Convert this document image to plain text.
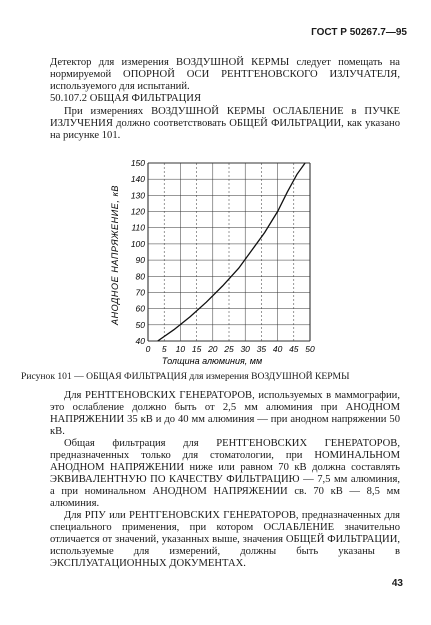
ГОСТ Р 50267.7—95

Детектор для измерения ВОЗДУШНОЙ КЕРМЫ следует помещать на нормируемой ОПОРНОЙ ОСИ РЕНТГЕНОВСКОГО ИЗЛУЧАТЕЛЯ, используемого для испытаний.

50.107.2 ОБЩАЯ ФИЛЬТРАЦИЯ

При измерениях ВОЗДУШНОЙ КЕРМЫ ОСЛАБЛЕНИЕ в ПУЧКЕ ИЗЛУЧЕНИЯ должно соответствовать ОБЩЕЙ ФИЛЬТРАЦИИ, как указано на рисунке 101.

40
50
60
70
80
90
100
110
120
130
140
150
0 5 10 15 20 25 30 35 40 45 50
АНОДНОЕ НАПРЯЖЕНИЕ, кВ
Толщина алюминия, мм
Рисунок 101 — ОБЩАЯ ФИЛЬТРАЦИЯ для измерения ВОЗДУШНОЙ КЕРМЫ

Для РЕНТГЕНОВСКИХ ГЕНЕРАТОРОВ, используемых в маммографии, это ослабление должно быть от 2,5 мм алюминия при АНОДНОМ НАПРЯЖЕНИИ 35 кВ и до 40 мм алюминия — при анодном напряжении 50 кВ.

Общая фильтрация для РЕНТГЕНОВСКИХ ГЕНЕРАТОРОВ, предназначенных только для стоматологии, при НОМИНАЛЬНОМ АНОДНОМ НАПРЯЖЕНИИ ниже или равном 70 кВ должна составлять ЭКВИВАЛЕНТНУЮ ПО КАЧЕСТВУ ФИЛЬТРАЦИЮ — 7,5 мм алюминия, а при номинальном АНОДНОМ НАПРЯЖЕНИИ св. 70 кВ — 8,5 мм алюминия.

Для РПУ или РЕНТГЕНОВСКИХ ГЕНЕРАТОРОВ, предназначенных для специального применения, при котором ОСЛАБЛЕНИЕ значительно отличается от значений, указанных выше, значения ОБЩЕЙ ФИЛЬТРАЦИИ, используемые для измерений, должны быть указаны в ЭКСПЛУАТАЦИОННЫХ ДОКУМЕНТАХ.

43
